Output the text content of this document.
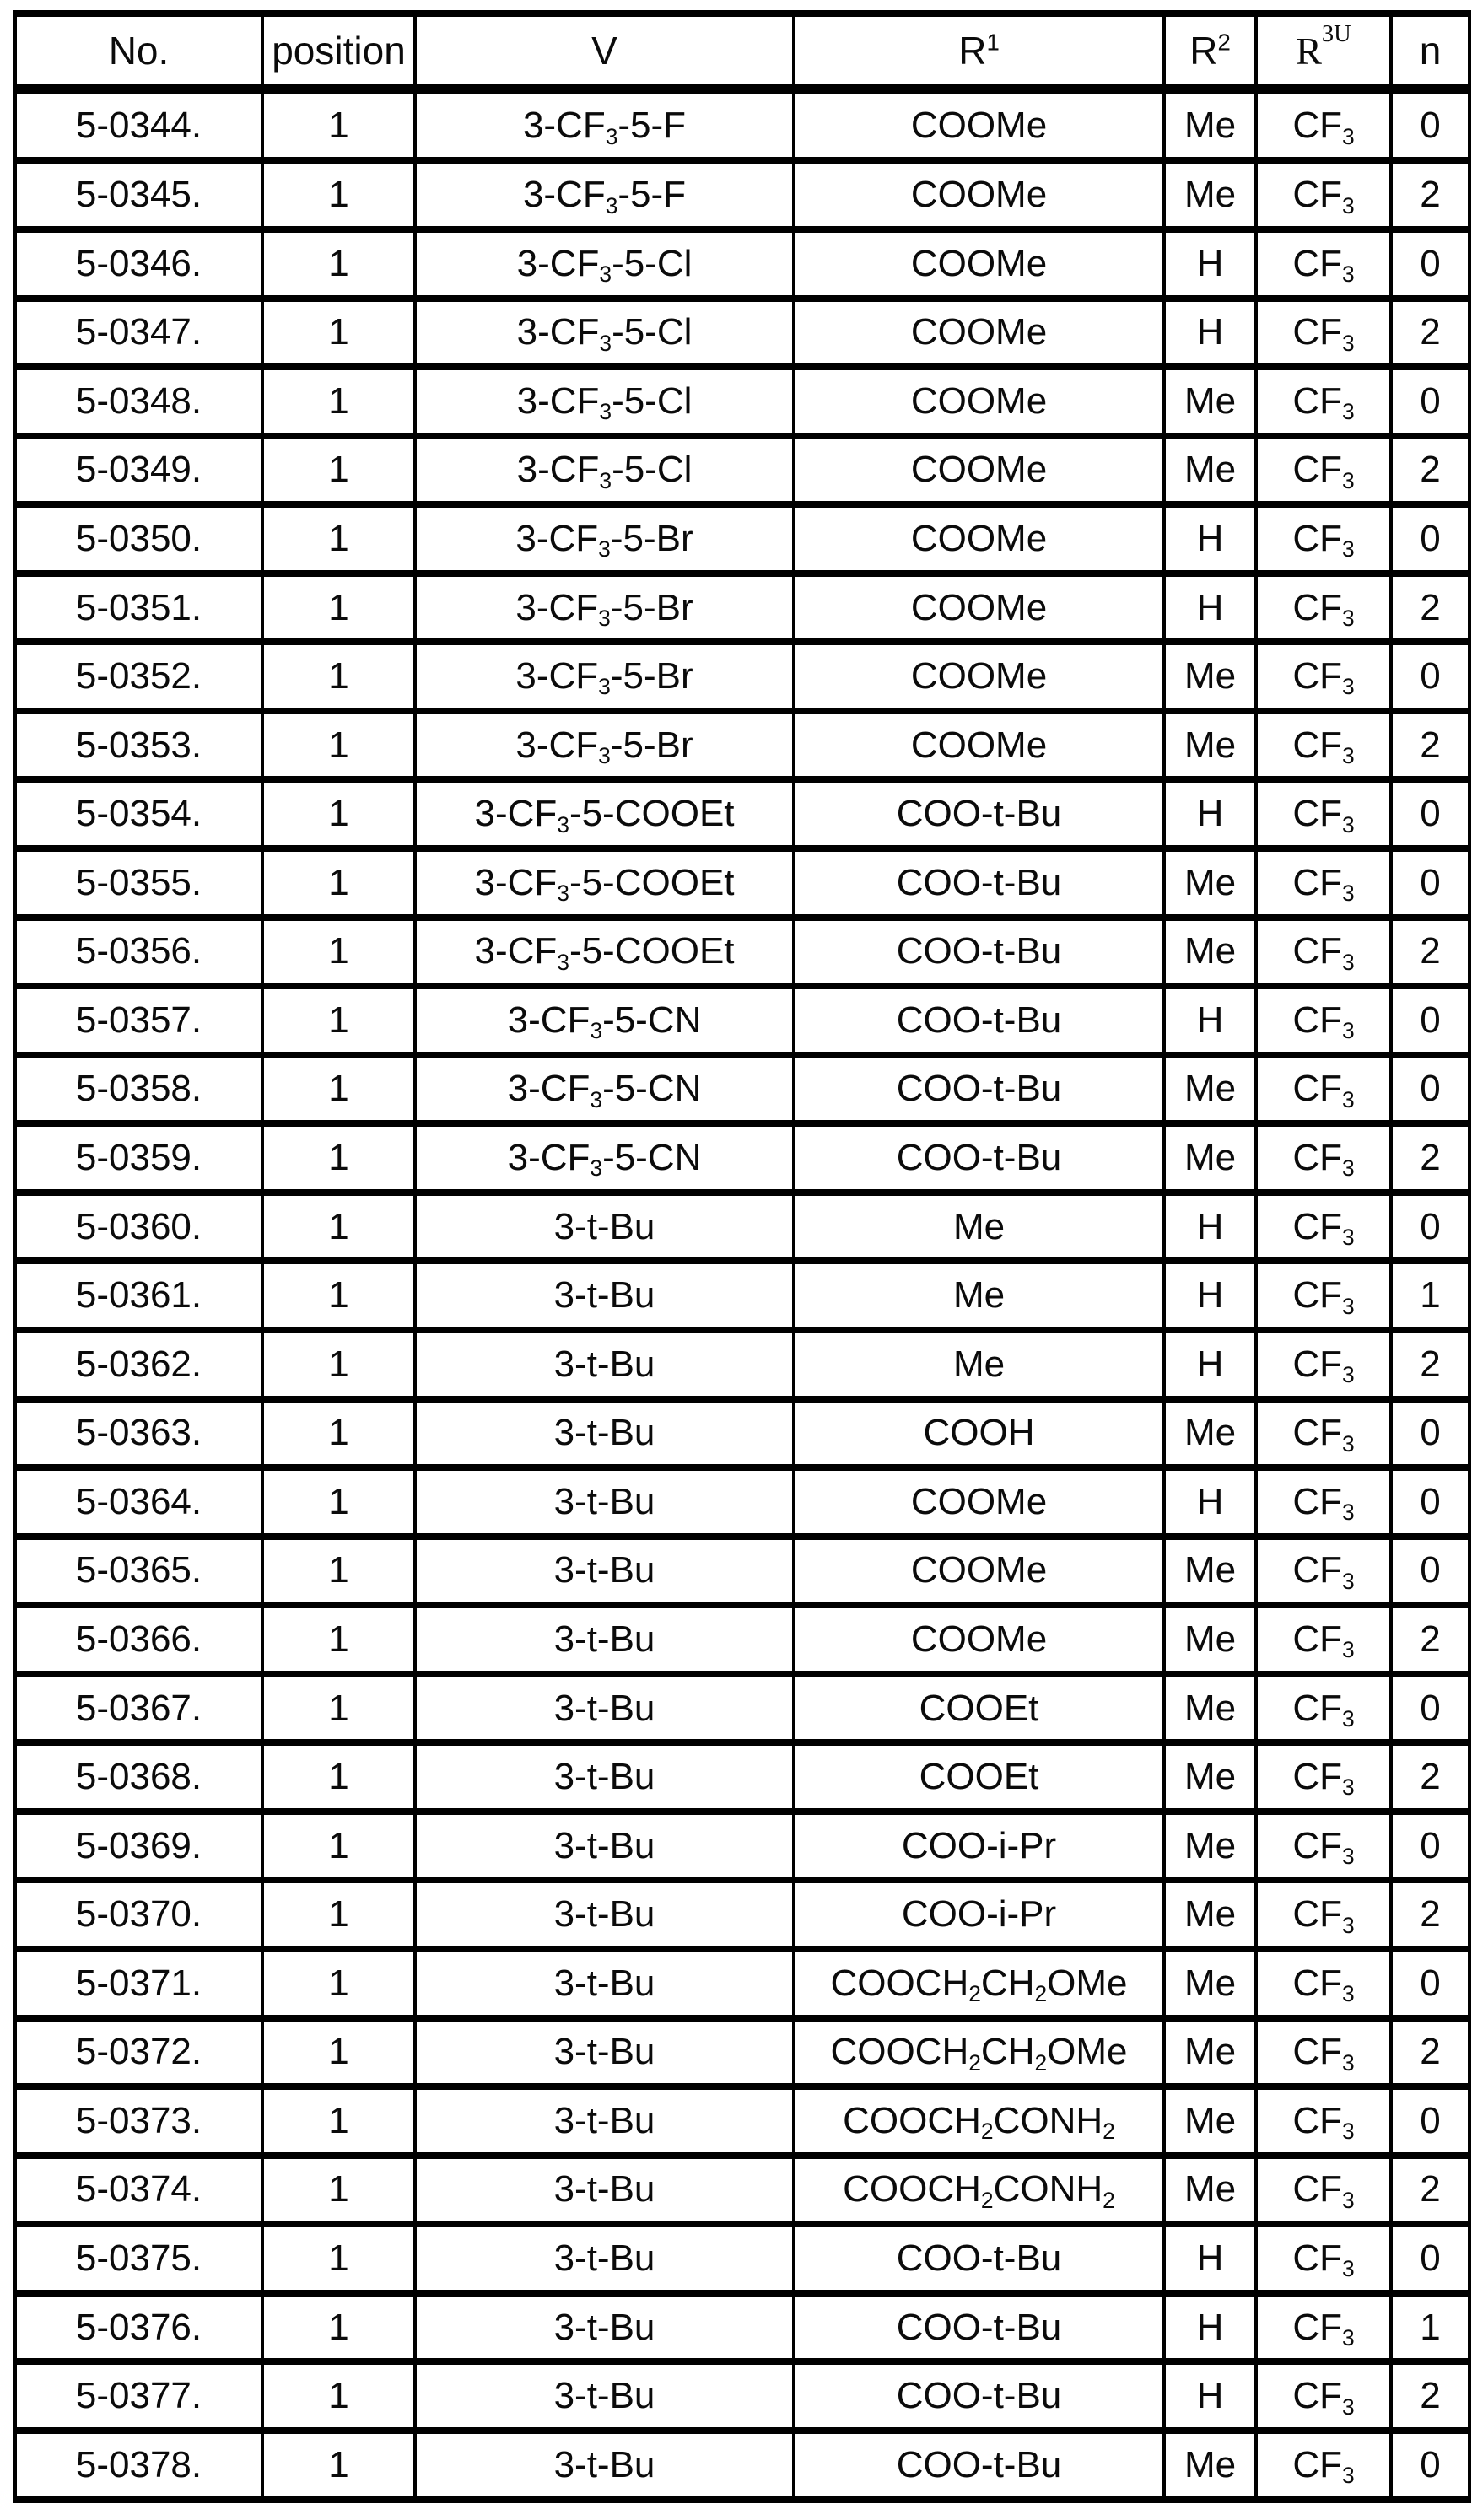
No.	position	V	$R^1$	$R^2$	$R^{3U}$	n
5-0344.	1	$3-CF_3-5-F$	COOMe	Me	$CF_3$	0
5-0345.	1	$3-CF_3-5-F$	COOMe	Me	$CF_3$	2
5-0346.	1	$3-CF_3-5-Cl$	COOMe	H	$CF_3$	0
5-0347.	1	$3-CF_3-5-Cl$	COOMe	H	$CF_3$	2
5-0348.	1	$3-CF_3-5-Cl$	COOMe	Me	$CF_3$	0
5-0349.	1	$3-CF_3-5-Cl$	COOMe	Me	$CF_3$	2
5-0350.	1	$3-CF_3-5-Br$	COOMe	H	$CF_3$	0
5-0351.	1	$3-CF_3-5-Br$	COOMe	H	$CF_3$	2
5-0352.	1	$3-CF_3-5-Br$	COOMe	Me	$CF_3$	0
5-0353.	1	$3-CF_3-5-Br$	COOMe	Me	$CF_3$	2
5-0354.	1	$3-CF_3-5$-COOEt	COO-t-Bu	H	$CF_3$	0
5-0355.	1	$3-CF_3-5$-COOEt	COO-t-Bu	Me	$CF_3$	0
5-0356.	1	$3-CF_3-5$-COOEt	COO-t-Bu	Me	$CF_3$	2
5-0357.	1	$3-CF_3-5-CN$	COO-t-Bu	H	$CF_3$	0
5-0358.	1	$3-CF_3-5-CN$	COO-t-Bu	Me	$CF_3$	0
5-0359.	1	$3-CF_3-5-CN$	COO-t-Bu	Me	$CF_3$	2
5-0360.	1	3-t-Bu	Me	H	$CF_3$	0
5-0361.	1	3-t-Bu	Me	H	$CF_3$	1
5-0362.	1	3-t-Bu	Me	H	$CF_3$	2
5-0363.	1	3-t-Bu	COOH	Me	$CF_3$	0
5-0364.	1	3-t-Bu	COOMe	H	$CF_3$	0
5-0365.	1	3-t-Bu	COOMe	Me	$CF_3$	0
5-0366.	1	3-t-Bu	COOMe	Me	$CF_3$	2
5-0367.	1	3-t-Bu	COOEt	Me	$CF_3$	0
5-0368.	1	3-t-Bu	COOEt	Me	$CF_3$	2
5-0369.	1	3-t-Bu	COO-i-Pr	Me	$CF_3$	0
5-0370.	1	3-t-Bu	COO-i-Pr	Me	$CF_3$	2
5-0371.	1	3-t-Bu	$COOCH_2CH_2OMe$	Me	$CF_3$	0
5-0372.	1	3-t-Bu	$COOCH_2CH_2OMe$	Me	$CF_3$	2
5-0373.	1	3-t-Bu	$COOCH_2CONH_2$	Me	$CF_3$	0
5-0374.	1	3-t-Bu	$COOCH_2CONH_2$	Me	$CF_3$	2
5-0375.	1	3-t-Bu	COO-t-Bu	H	$CF_3$	0
5-0376.	1	3-t-Bu	COO-t-Bu	H	$CF_3$	1
5-0377.	1	3-t-Bu	COO-t-Bu	H	$CF_3$	2
5-0378.	1	3-t-Bu	COO-t-Bu	Me	$CF_3$	0
